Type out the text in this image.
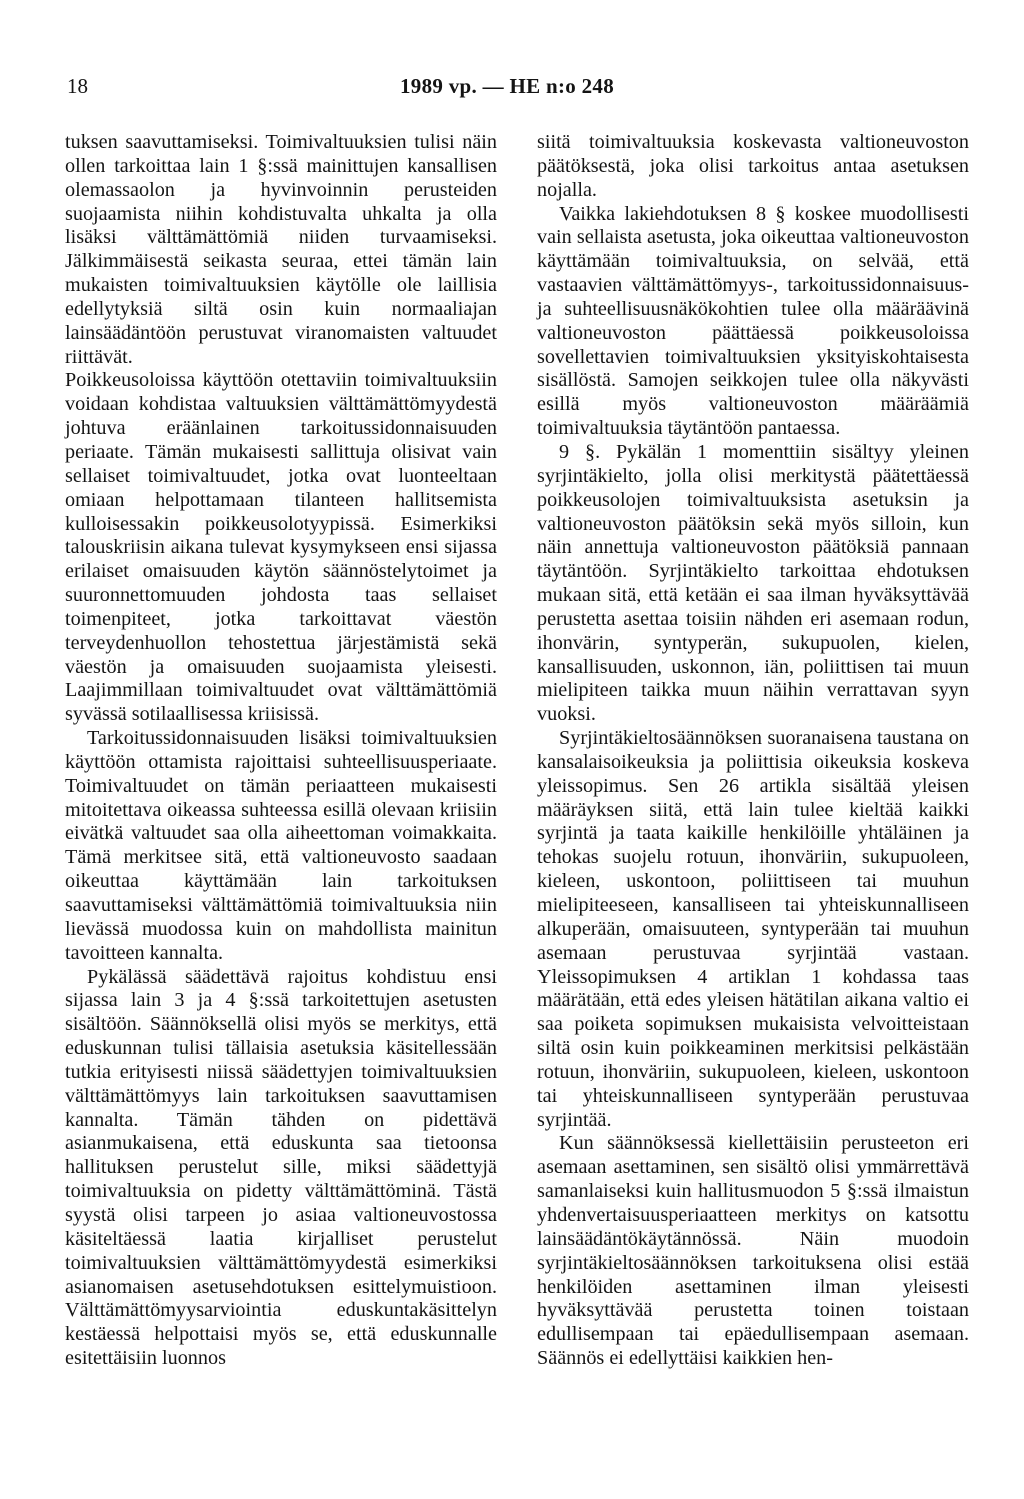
18	1989 vp. — HE n:o 248

tuksen saavuttamiseksi. Toimivaltuuksien tulisi näin ollen tarkoittaa lain 1 §:ssä mainittujen kansallisen olemassaolon ja hyvinvoinnin perusteiden suojaamista niihin kohdistuvalta uhkalta ja olla lisäksi välttämättömiä niiden turvaamiseksi. Jälkimmäisestä seikasta seuraa, ettei tämän lain mukaisten toimivaltuuksien käytölle ole laillisia edellytyksiä siltä osin kuin normaaliajan lainsäädäntöön perustuvat viranomaisten valtuudet riittävät.

Poikkeusoloissa käyttöön otettaviin toimivaltuuksiin voidaan kohdistaa valtuuksien välttämättömyydestä johtuva eräänlainen tarkoitussidonnaisuuden periaate. Tämän mukaisesti sallittuja olisivat vain sellaiset toimivaltuudet, jotka ovat luonteeltaan omiaan helpottamaan tilanteen hallitsemista kulloisessakin poikkeusolotyypissä. Esimerkiksi talouskriisin aikana tulevat kysymykseen ensi sijassa erilaiset omaisuuden käytön säännöstelytoimet ja suuronnettomuuden johdosta taas sellaiset toimenpiteet, jotka tarkoittavat väestön terveydenhuollon tehostettua järjestämistä sekä väestön ja omaisuuden suojaamista yleisesti. Laajimmillaan toimivaltuudet ovat välttämättömiä syvässä sotilaallisessa kriisissä.

Tarkoitussidonnaisuuden lisäksi toimivaltuuksien käyttöön ottamista rajoittaisi suhteellisuusperiaate. Toimivaltuudet on tämän periaatteen mukaisesti mitoitettava oikeassa suhteessa esillä olevaan kriisiin eivätkä valtuudet saa olla aiheettoman voimakkaita. Tämä merkitsee sitä, että valtioneuvosto saadaan oikeuttaa käyttämään lain tarkoituksen saavuttamiseksi välttämättömiä toimivaltuuksia niin lievässä muodossa kuin on mahdollista mainitun tavoitteen kannalta.

Pykälässä säädettävä rajoitus kohdistuu ensi sijassa lain 3 ja 4 §:ssä tarkoitettujen asetusten sisältöön. Säännöksellä olisi myös se merkitys, että eduskunnan tulisi tällaisia asetuksia käsitellessään tutkia erityisesti niissä säädettyjen toimivaltuuksien välttämättömyys lain tarkoituksen saavuttamisen kannalta. Tämän tähden on pidettävä asianmukaisena, että eduskunta saa tietoonsa hallituksen perustelut sille, miksi säädettyjä toimivaltuuksia on pidetty välttämättöminä. Tästä syystä olisi tarpeen jo asiaa valtioneuvostossa käsiteltäessä laatia kirjalliset perustelut toimivaltuuksien välttämättömyydestä esimerkiksi asianomaisen asetusehdotuksen esittelymuistioon. Välttämättömyysarviointia eduskuntakäsittelyn kestäessä helpottaisi myös se, että eduskunnalle esitettäisiin luonnos

siitä toimivaltuuksia koskevasta valtioneuvoston päätöksestä, joka olisi tarkoitus antaa asetuksen nojalla.

Vaikka lakiehdotuksen 8 § koskee muodollisesti vain sellaista asetusta, joka oikeuttaa valtioneuvoston käyttämään toimivaltuuksia, on selvää, että vastaavien välttämättömyys-, tarkoitussidonnaisuus- ja suhteellisuusnäkökohtien tulee olla määräävinä valtioneuvoston päättäessä poikkeusoloissa sovellettavien toimivaltuuksien yksityiskohtaisesta sisällöstä. Samojen seikkojen tulee olla näkyvästi esillä myös valtioneuvoston määräämiä toimivaltuuksia täytäntöön pantaessa.

9 §. Pykälän 1 momenttiin sisältyy yleinen syrjintäkielto, jolla olisi merkitystä päätettäessä poikkeusolojen toimivaltuuksista asetuksin ja valtioneuvoston päätöksin sekä myös silloin, kun näin annettuja valtioneuvoston päätöksiä pannaan täytäntöön. Syrjintäkielto tarkoittaa ehdotuksen mukaan sitä, että ketään ei saa ilman hyväksyttävää perustetta asettaa toisiin nähden eri asemaan rodun, ihonvärin, syntyperän, sukupuolen, kielen, kansallisuuden, uskonnon, iän, poliittisen tai muun mielipiteen taikka muun näihin verrattavan syyn vuoksi.

Syrjintäkieltosäännöksen suoranaisena taustana on kansalaisoikeuksia ja poliittisia oikeuksia koskeva yleissopimus. Sen 26 artikla sisältää yleisen määräyksen siitä, että lain tulee kieltää kaikki syrjintä ja taata kaikille henkilöille yhtäläinen ja tehokas suojelu rotuun, ihonväriin, sukupuoleen, kieleen, uskontoon, poliittiseen tai muuhun mielipiteeseen, kansalliseen tai yhteiskunnalliseen alkuperään, omaisuuteen, syntyperään tai muuhun asemaan perustuvaa syrjintää vastaan. Yleissopimuksen 4 artiklan 1 kohdassa taas määrätään, että edes yleisen hätätilan aikana valtio ei saa poiketa sopimuksen mukaisista velvoitteistaan siltä osin kuin poikkeaminen merkitsisi pelkästään rotuun, ihonväriin, sukupuoleen, kieleen, uskontoon tai yhteiskunnalliseen syntyperään perustuvaa syrjintää.

Kun säännöksessä kiellettäisiin perusteeton eri asemaan asettaminen, sen sisältö olisi ymmärrettävä samanlaiseksi kuin hallitusmuodon 5 §:ssä ilmaistun yhdenvertaisuusperiaatteen merkitys on katsottu lainsäädäntökäytännössä. Näin muodoin syrjintäkieltosäännöksen tarkoituksena olisi estää henkilöiden asettaminen ilman yleisesti hyväksyttävää perustetta toinen toistaan edullisempaan tai epäedullisempaan asemaan. Säännös ei edellyttäisi kaikkien hen-
